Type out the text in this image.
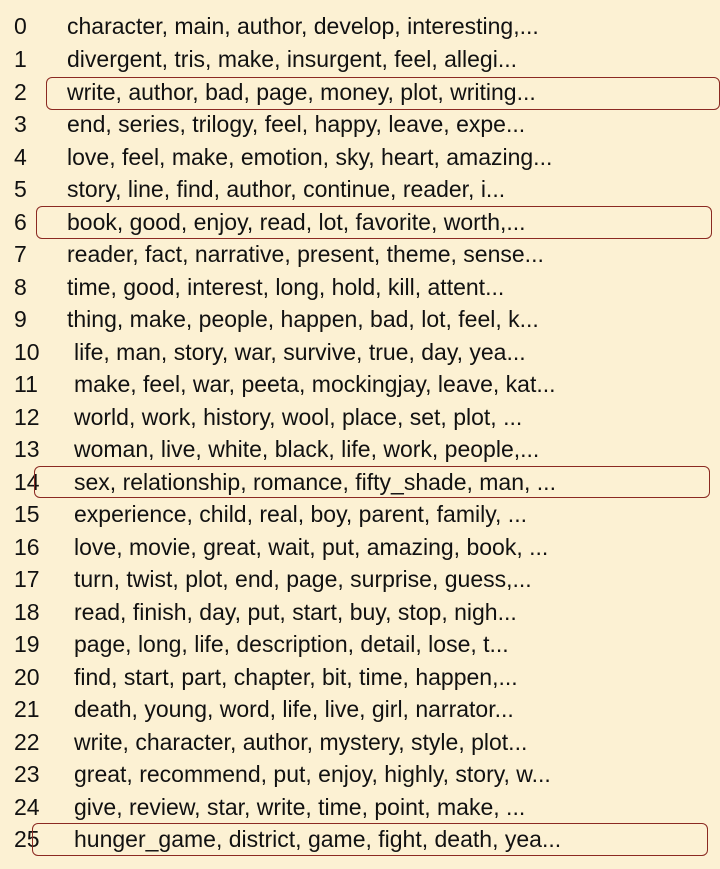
0 character, main, author, develop, interesting,...
1 divergent, tris, make, insurgent, feel, allegi...
2 write, author, bad, page, money, plot, writing...
3 end, series, trilogy, feel, happy, leave, expe...
4 love, feel, make, emotion, sky, heart, amazing...
5 story, line, find, author, continue, reader, i...
6 book, good, enjoy, read, lot, favorite, worth,...
7 reader, fact, narrative, present, theme, sense...
8 time, good, interest, long, hold, kill, attent...
9 thing, make, people, happen, bad, lot, feel, k...
10 life, man, story, war, survive, true, day, yea...
11 make, feel, war, peeta, mockingjay, leave, kat...
12 world, work, history, wool, place, set, plot, ...
13 woman, live, white, black, life, work, people,...
14 sex, relationship, romance, fifty_shade, man, ...
15 experience, child, real, boy, parent, family, ...
16 love, movie, great, wait, put, amazing, book, ...
17 turn, twist, plot, end, page, surprise, guess,...
18 read, finish, day, put, start, buy, stop, nigh...
19 page, long, life, description, detail, lose, t...
20 find, start, part, chapter, bit, time, happen,...
21 death, young, word, life, live, girl, narrator...
22 write, character, author, mystery, style, plot...
23 great, recommend, put, enjoy, highly, story, w...
24 give, review, star, write, time, point, make, ...
25 hunger_game, district, game, fight, death, yea...
